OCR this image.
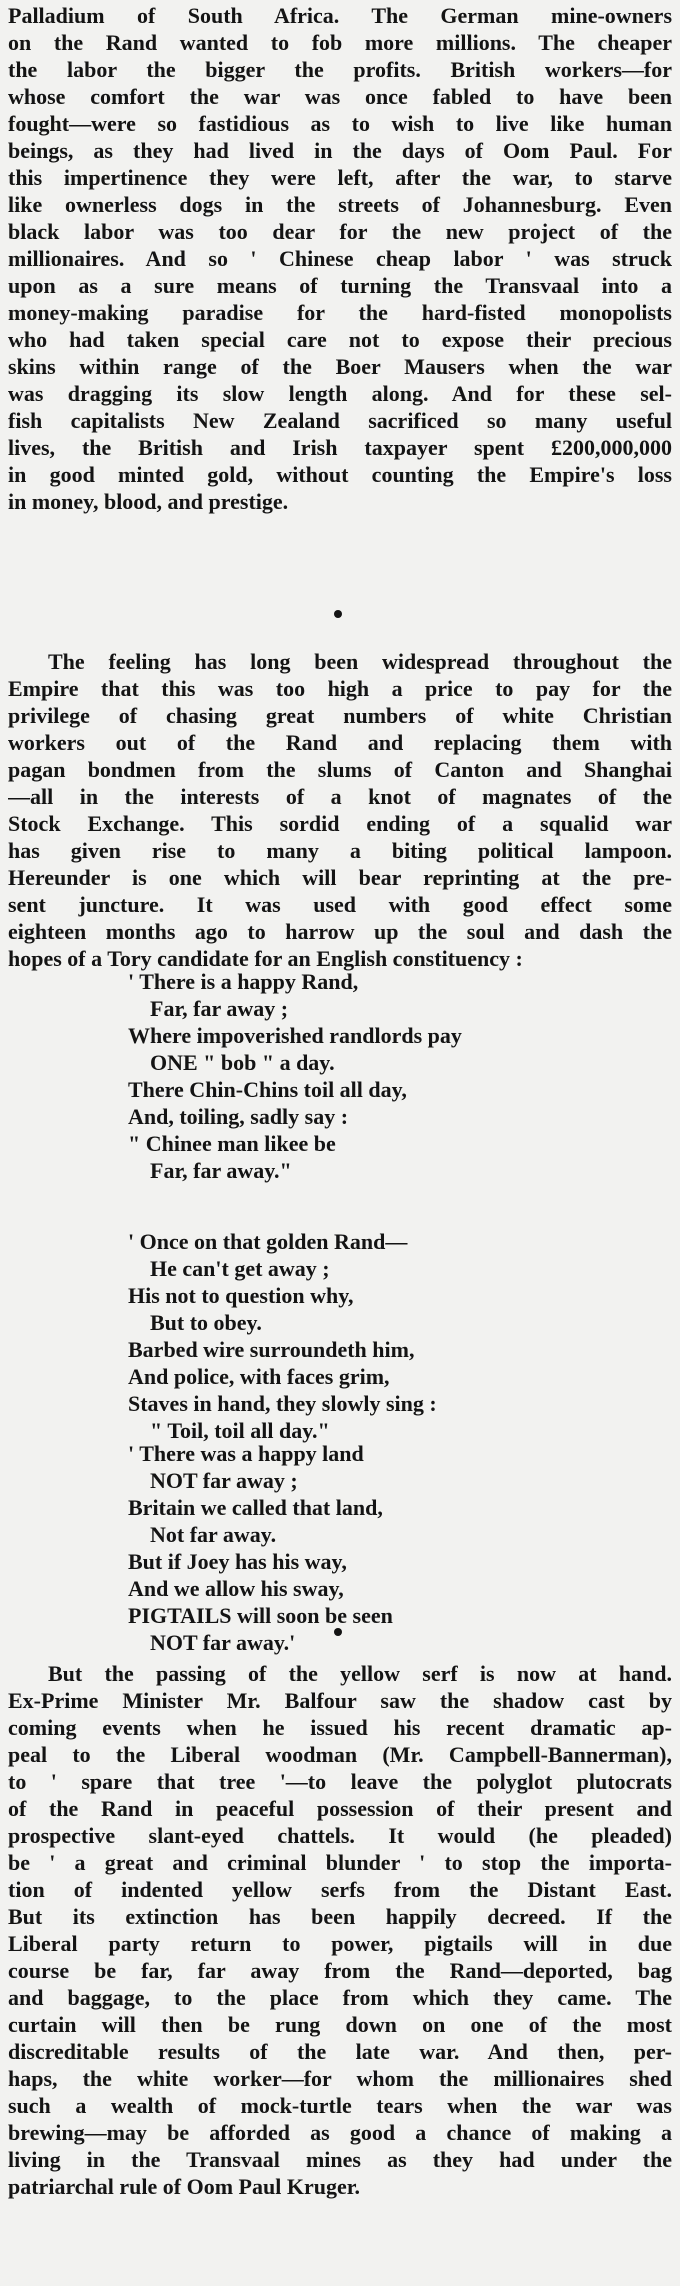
Palladium of South Africa. The German mine-owners
on the Rand wanted to fob more millions. The cheaper
the labor the bigger the profits. British workers—for
whose comfort the war was once fabled to have been
fought—were so fastidious as to wish to live like human
beings, as they had lived in the days of Oom Paul. For
this impertinence they were left, after the war, to starve
like ownerless dogs in the streets of Johannesburg. Even
black labor was too dear for the new project of the
millionaires. And so ' Chinese cheap labor ' was struck
upon as a sure means of turning the Transvaal into a
money-making paradise for the hard-fisted monopolists
who had taken special care not to expose their precious
skins within range of the Boer Mausers when the war
was dragging its slow length along. And for these sel-
fish capitalists New Zealand sacrificed so many useful
lives, the British and Irish taxpayer spent £200,000,000
in good minted gold, without counting the Empire's loss
in money, blood, and prestige.

The feeling has long been widespread throughout the
Empire that this was too high a price to pay for the
privilege of chasing great numbers of white Christian
workers out of the Rand and replacing them with
pagan bondmen from the slums of Canton and Shanghai
—all in the interests of a knot of magnates of the
Stock Exchange. This sordid ending of a squalid war
has given rise to many a biting political lampoon.
Hereunder is one which will bear reprinting at the pre-
sent juncture. It was used with good effect some
eighteen months ago to harrow up the soul and dash the
hopes of a Tory candidate for an English constituency :

' There is a happy Rand,
Far, far away ;
Where impoverished randlords pay
ONE " bob " a day.
There Chin-Chins toil all day,
And, toiling, sadly say :
" Chinee man likee be
Far, far away."
' Once on that golden Rand—
He can't get away ;
His not to question why,
But to obey.
Barbed wire surroundeth him,
And police, with faces grim,
Staves in hand, they slowly sing :
" Toil, toil all day."
' There was a happy land
NOT far away ;
Britain we called that land,
Not far away.
But if Joey has his way,
And we allow his sway,
PIGTAILS will soon be seen
NOT far away.'

But the passing of the yellow serf is now at hand.
Ex-Prime Minister Mr. Balfour saw the shadow cast by
coming events when he issued his recent dramatic ap-
peal to the Liberal woodman (Mr. Campbell-Bannerman),
to ' spare that tree '—to leave the polyglot plutocrats
of the Rand in peaceful possession of their present and
prospective slant-eyed chattels. It would (he pleaded)
be ' a great and criminal blunder ' to stop the importa-
tion of indented yellow serfs from the Distant East.
But its extinction has been happily decreed. If the
Liberal party return to power, pigtails will in due
course be far, far away from the Rand—deported, bag
and baggage, to the place from which they came. The
curtain will then be rung down on one of the most
discreditable results of the late war. And then, per-
haps, the white worker—for whom the millionaires shed
such a wealth of mock-turtle tears when the war was
brewing—may be afforded as good a chance of making a
living in the Transvaal mines as they had under the
patriarchal rule of Oom Paul Kruger.
